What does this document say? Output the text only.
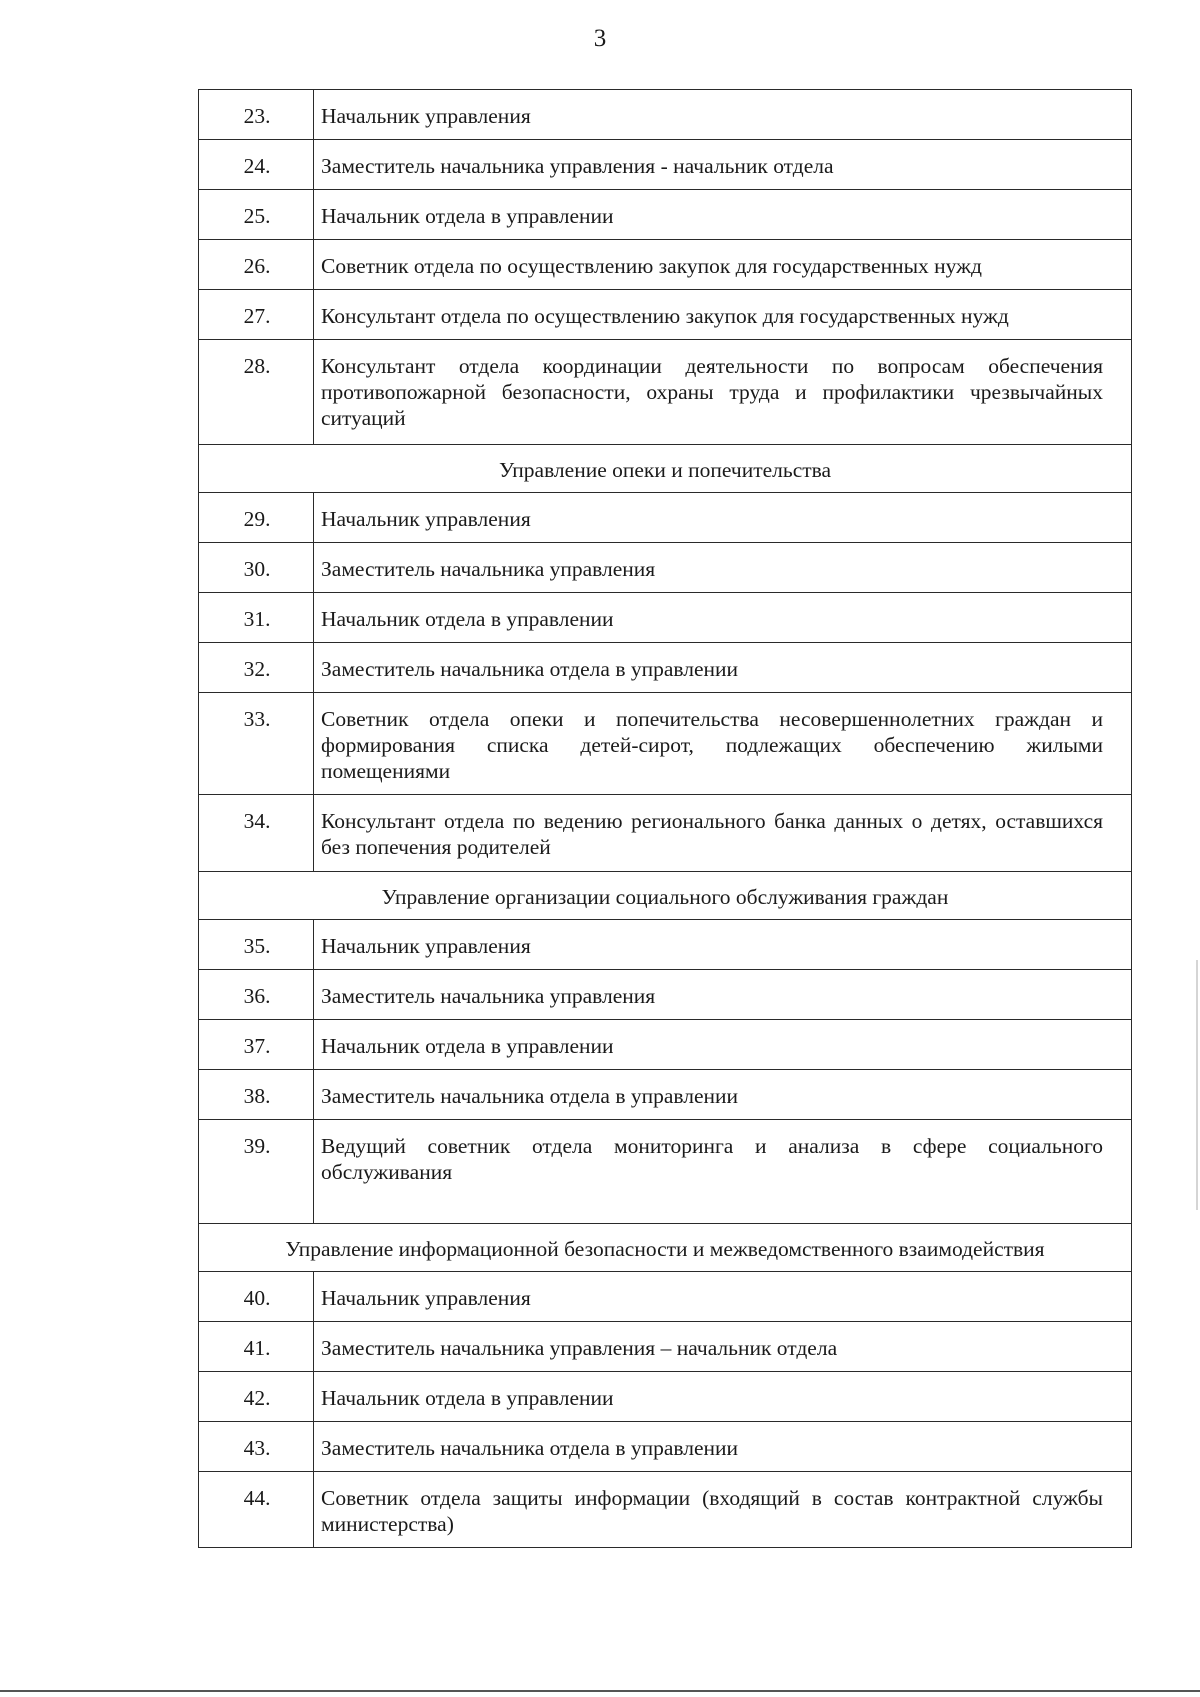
3
23.	Начальник управления
24.	Заместитель начальника управления - начальник отдела
25.	Начальник отдела в управлении
26.	Советник отдела по осуществлению закупок для государственных нужд
27.	Консультант отдела по осуществлению закупок для государственных нужд
28.	Консультант отдела координации деятельности по вопросам обеспечения противопожарной безопасности, охраны труда и профилактики чрезвычайных ситуаций
Управление опеки и попечительства	
29.	Начальник управления
30.	Заместитель начальника управления
31.	Начальник отдела в управлении
32.	Заместитель начальника отдела в управлении
33.	Советник отдела опеки и попечительства несовершеннолетних граждан и формирования списка детей-сирот, подлежащих обеспечению жилыми помещениями
34.	Консультант отдела по ведению регионального банка данных о детях, оставшихся без попечения родителей
Управление организации социального обслуживания граждан	
35.	Начальник управления
36.	Заместитель начальника управления
37.	Начальник отдела в управлении
38.	Заместитель начальника отдела в управлении
39.	Ведущий советник отдела мониторинга и анализа в сфере социального обслуживания
Управление информационной безопасности и межведомственного взаимодействия	
40.	Начальник управления
41.	Заместитель начальника управления – начальник отдела
42.	Начальник отдела в управлении
43.	Заместитель начальника отдела в управлении
44.	Советник отдела защиты информации (входящий в состав контрактной службы министерства)
